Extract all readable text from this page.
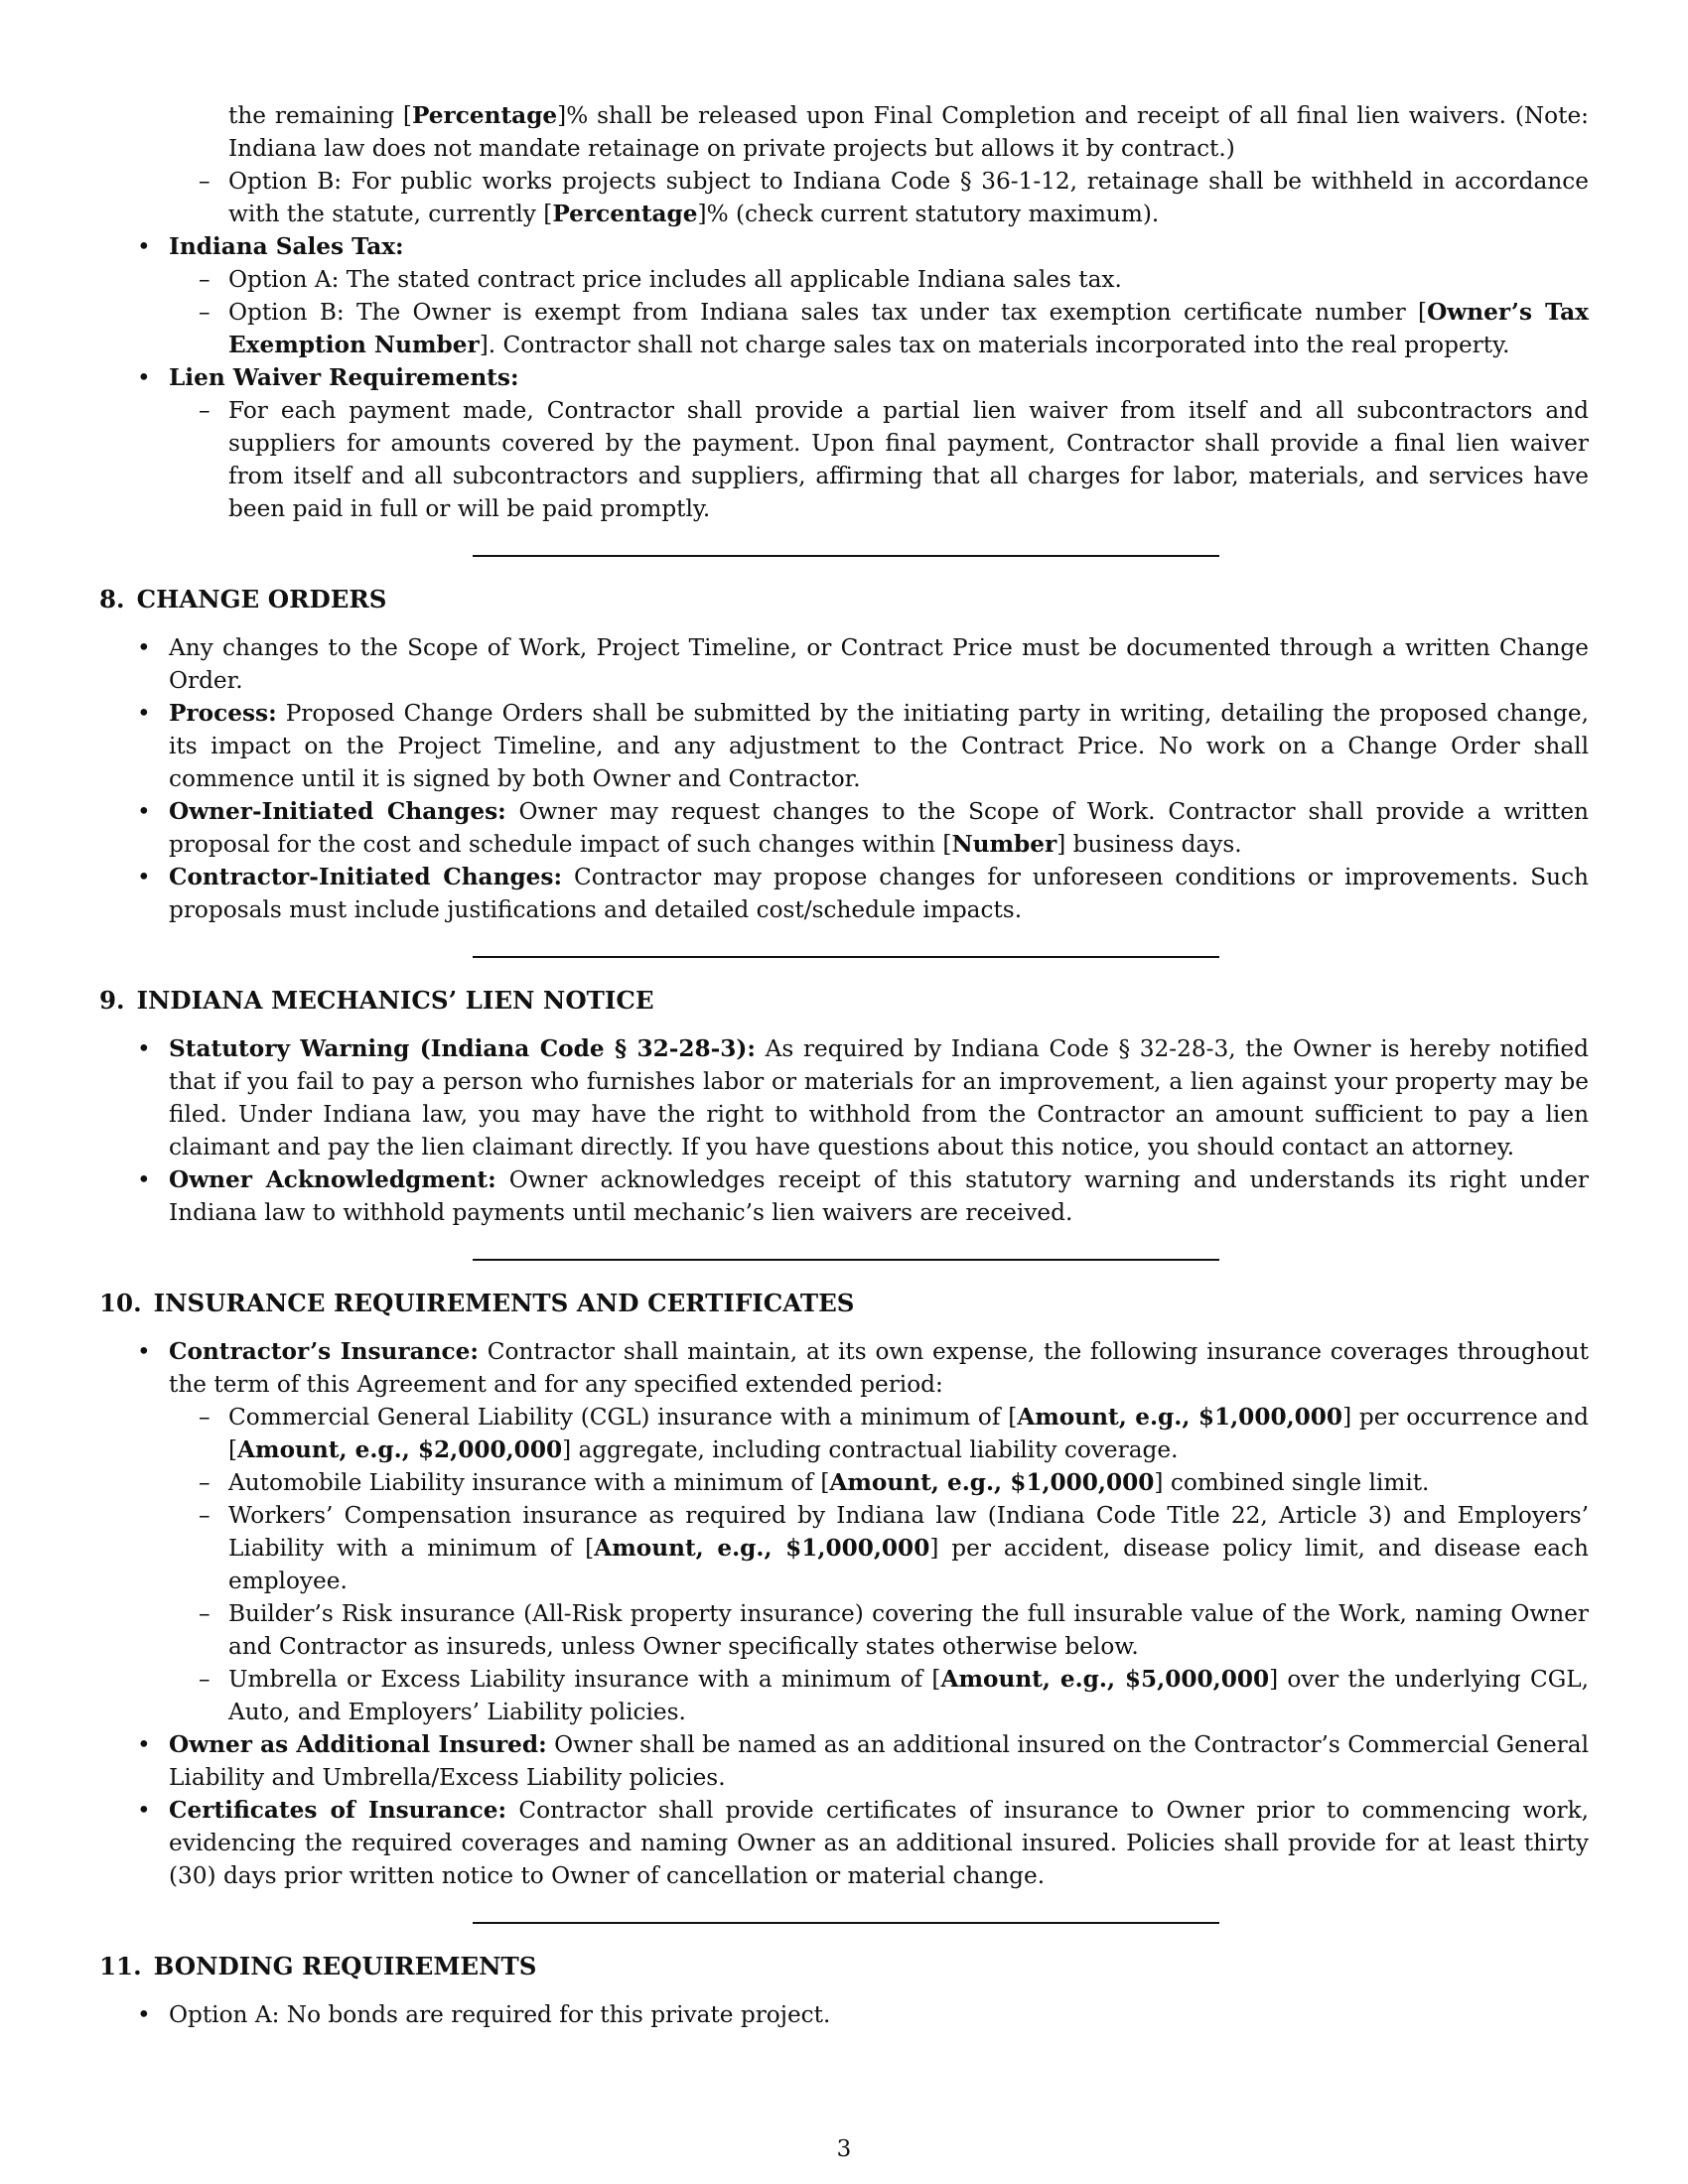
the remaining [Percentage]% shall be released upon Final Completion and receipt of all final lien waivers. (Note: Indiana law does not mandate retainage on private projects but allows it by contract.)

– Option B: For public works projects subject to Indiana Code § 36-1-12, retainage shall be withheld in accordance with the statute, currently [Percentage]% (check current statutory maximum).
• Indiana Sales Tax:
– Option A: The stated contract price includes all applicable Indiana sales tax.
– Option B: The Owner is exempt from Indiana sales tax under tax exemption certificate number [Owner’s Tax Exemption Number]. Contractor shall not charge sales tax on materials incorporated into the real property.
• Lien Waiver Requirements:
– For each payment made, Contractor shall provide a partial lien waiver from itself and all subcontractors and suppliers for amounts covered by the payment. Upon final payment, Contractor shall provide a final lien waiver from itself and all subcontractors and suppliers, affirming that all charges for labor, materials, and services have been paid in full or will be paid promptly.
8. CHANGE ORDERS
• Any changes to the Scope of Work, Project Timeline, or Contract Price must be documented through a written Change Order.
• Process: Proposed Change Orders shall be submitted by the initiating party in writing, detailing the proposed change, its impact on the Project Timeline, and any adjustment to the Contract Price. No work on a Change Order shall commence until it is signed by both Owner and Contractor.
• Owner-Initiated Changes: Owner may request changes to the Scope of Work. Contractor shall provide a written proposal for the cost and schedule impact of such changes within [Number] business days.
• Contractor-Initiated Changes: Contractor may propose changes for unforeseen conditions or improvements. Such proposals must include justifications and detailed cost/schedule impacts.
9. INDIANA MECHANICS’ LIEN NOTICE
• Statutory Warning (Indiana Code § 32-28-3): As required by Indiana Code § 32-28-3, the Owner is hereby notified that if you fail to pay a person who furnishes labor or materials for an improvement, a lien against your property may be filed. Under Indiana law, you may have the right to withhold from the Contractor an amount sufficient to pay a lien claimant and pay the lien claimant directly. If you have questions about this notice, you should contact an attorney.
• Owner Acknowledgment: Owner acknowledges receipt of this statutory warning and understands its right under Indiana law to withhold payments until mechanic’s lien waivers are received.
10. INSURANCE REQUIREMENTS AND CERTIFICATES
• Contractor’s Insurance: Contractor shall maintain, at its own expense, the following insurance coverages throughout the term of this Agreement and for any specified extended period:
– Commercial General Liability (CGL) insurance with a minimum of [Amount, e.g., $1,000,000] per occurrence and [Amount, e.g., $2,000,000] aggregate, including contractual liability coverage.
– Automobile Liability insurance with a minimum of [Amount, e.g., $1,000,000] combined single limit.
– Workers’ Compensation insurance as required by Indiana law (Indiana Code Title 22, Article 3) and Employers’ Liability with a minimum of [Amount, e.g., $1,000,000] per accident, disease policy limit, and disease each employee.
– Builder’s Risk insurance (All-Risk property insurance) covering the full insurable value of the Work, naming Owner and Contractor as insureds, unless Owner specifically states otherwise below.
– Umbrella or Excess Liability insurance with a minimum of [Amount, e.g., $5,000,000] over the underlying CGL, Auto, and Employers’ Liability policies.
• Owner as Additional Insured: Owner shall be named as an additional insured on the Contractor’s Commercial General Liability and Umbrella/Excess Liability policies.
• Certificates of Insurance: Contractor shall provide certificates of insurance to Owner prior to commencing work, evidencing the required coverages and naming Owner as an additional insured. Policies shall provide for at least thirty (30) days prior written notice to Owner of cancellation or material change.
11. BONDING REQUIREMENTS
• Option A: No bonds are required for this private project.
3
